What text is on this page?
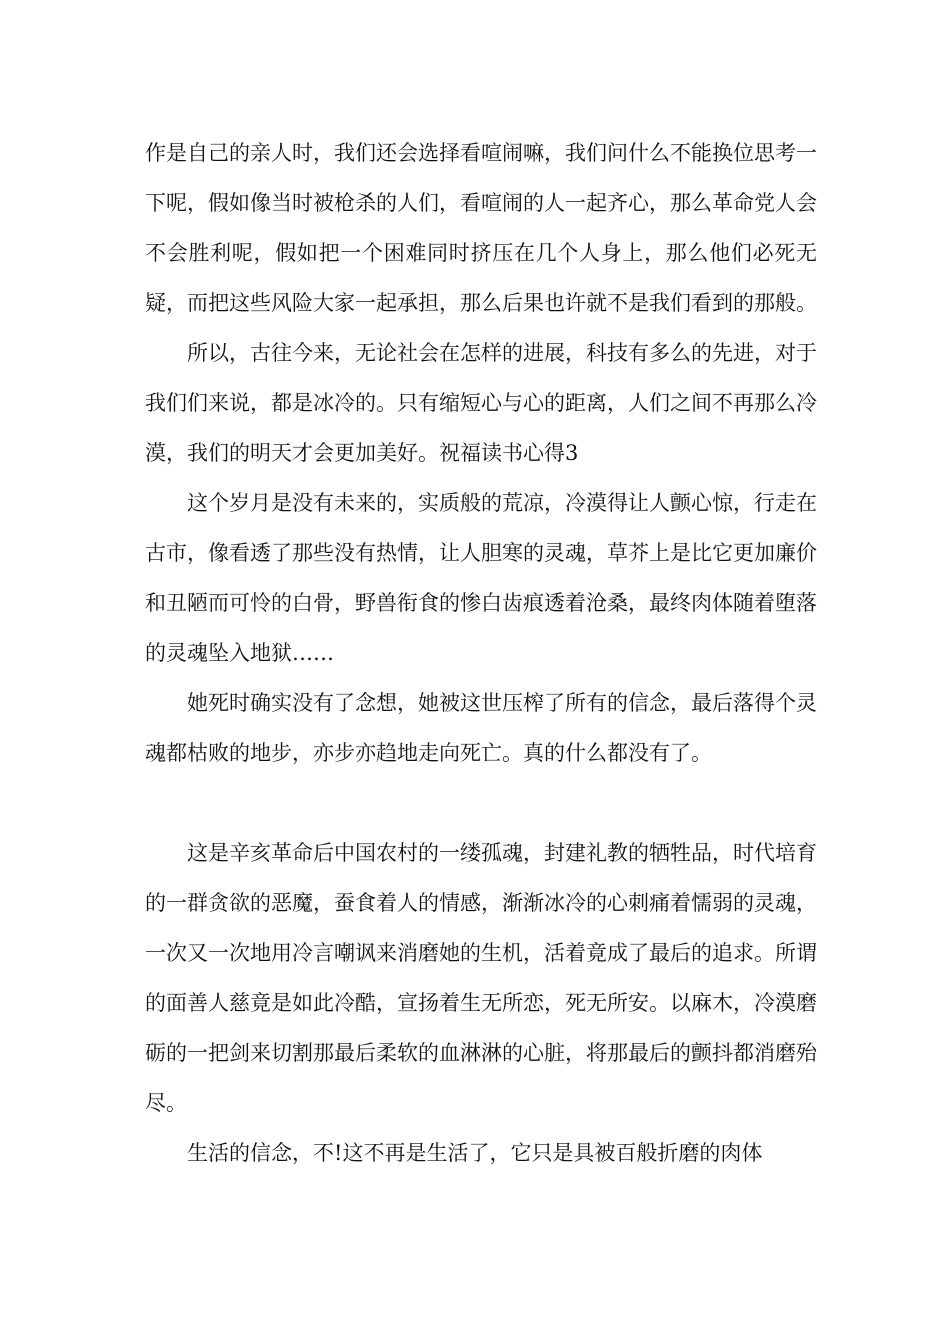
作是自己的亲人时，我们还会选择看喧闹嘛，我们问什么不能换位思考一下呢，假如像当时被枪杀的人们，看喧闹的人一起齐心，那么革命党人会不会胜利呢，假如把一个困难同时挤压在几个人身上，那么他们必死无疑，而把这些风险大家一起承担，那么后果也许就不是我们看到的那般。

所以，古往今来，无论社会在怎样的进展，科技有多么的先进，对于我们们来说，都是冰冷的。只有缩短心与心的距离，人们之间不再那么冷漠，我们的明天才会更加美好。祝福读书心得3

这个岁月是没有未来的，实质般的荒凉，冷漠得让人颤心惊，行走在古市，像看透了那些没有热情，让人胆寒的灵魂，草芥上是比它更加廉价和丑陋而可怜的白骨，野兽衔食的惨白齿痕透着沧桑，最终肉体随着堕落的灵魂坠入地狱……

她死时确实没有了念想，她被这世压榨了所有的信念，最后落得个灵魂都枯败的地步，亦步亦趋地走向死亡。真的什么都没有了。

这是辛亥革命后中国农村的一缕孤魂，封建礼教的牺牲品，时代培育的一群贪欲的恶魔，蚕食着人的情感，渐渐冰冷的心刺痛着懦弱的灵魂，一次又一次地用冷言嘲讽来消磨她的生机，活着竟成了最后的追求。所谓的面善人慈竟是如此冷酷，宣扬着生无所恋，死无所安。以麻木，冷漠磨砺的一把剑来切割那最后柔软的血淋淋的心脏，将那最后的颤抖都消磨殆尽。

生活的信念，不!这不再是生活了，它只是具被百般折磨的肉体
